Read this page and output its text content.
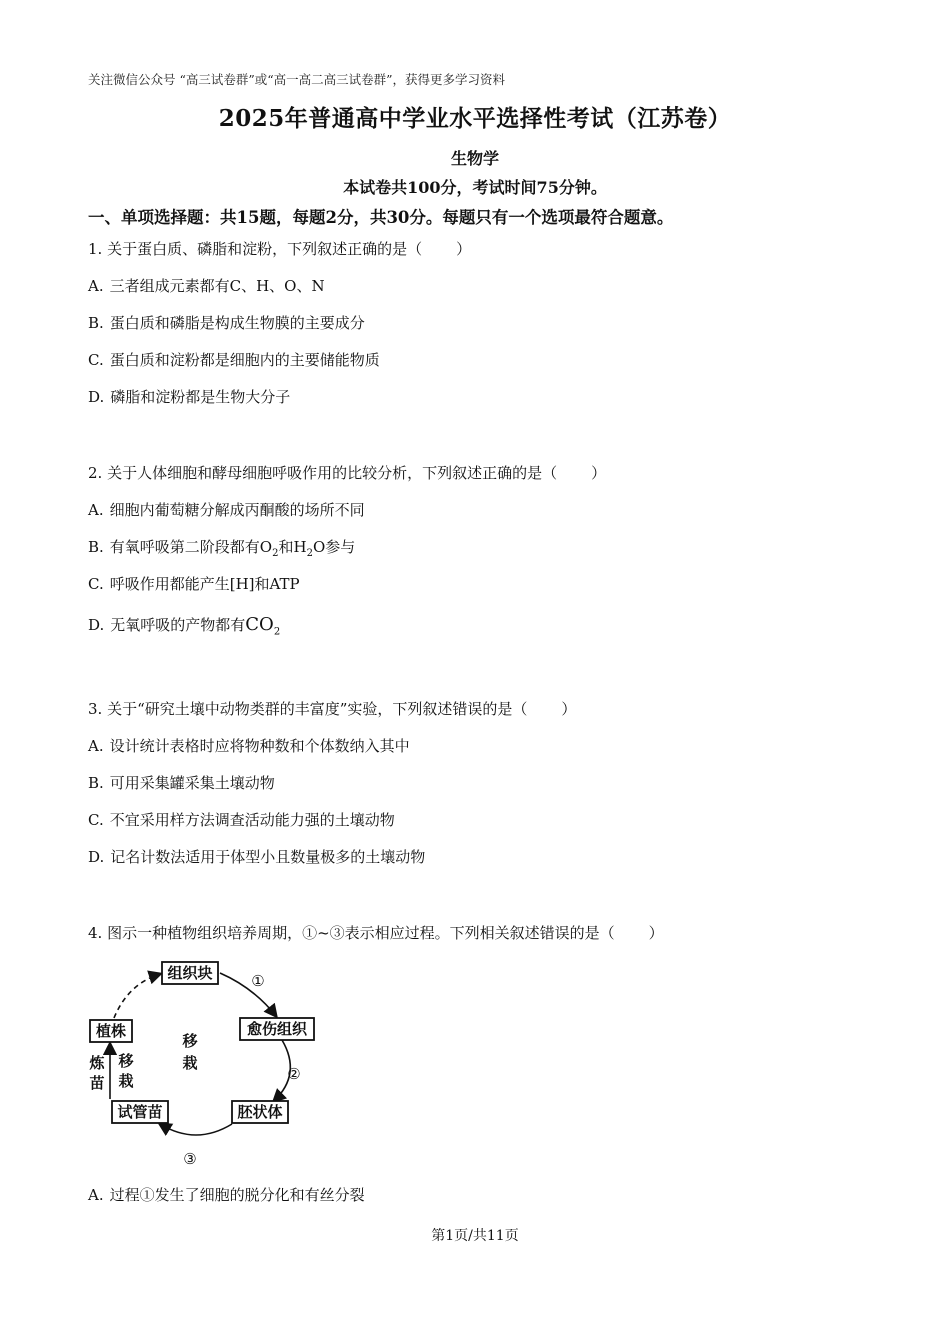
关注微信公众号 “高三试卷群”或“高一高二高三试卷群”，获得更多学习资料
2025年普通高中学业水平选择性考试（江苏卷）
生物学
本试卷共100分，考试时间75分钟。
一、单项选择题：共15题，每题2分，共30分。每题只有一个选项最符合题意。
1. 关于蛋白质、磷脂和淀粉，下列叙述正确的是（ ）
A. 三者组成元素都有C、H、O、N
B. 蛋白质和磷脂是构成生物膜的主要成分
C. 蛋白质和淀粉都是细胞内的主要储能物质
D. 磷脂和淀粉都是生物大分子
2. 关于人体细胞和酵母细胞呼吸作用的比较分析，下列叙述正确的是（ ）
A. 细胞内葡萄糖分解成丙酮酸的场所不同
B. 有氧呼吸第二阶段都有$O_2$和$H_2O$参与
C. 呼吸作用都能产生[H]和ATP
D. 无氧呼吸的产物都有$CO_2$
3. 关于“研究土壤中动物类群的丰富度”实验，下列叙述错误的是（ ）
A. 设计统计表格时应将物种数和个体数纳入其中
B. 可用采集罐采集土壤动物
C. 不宜采用样方法调查活动能力强的土壤动物
D. 记名计数法适用于体型小且数量极多的土壤动物
4. 图示一种植物组织培养周期，①~③表示相应过程。下列相关叙述错误的是（ ）
组织块
愈伤组织
胚状体
试管苗
植株
①
②
③
移
栽
炼
苗
移
栽
A. 过程①发生了细胞的脱分化和有丝分裂
第1页/共11页
